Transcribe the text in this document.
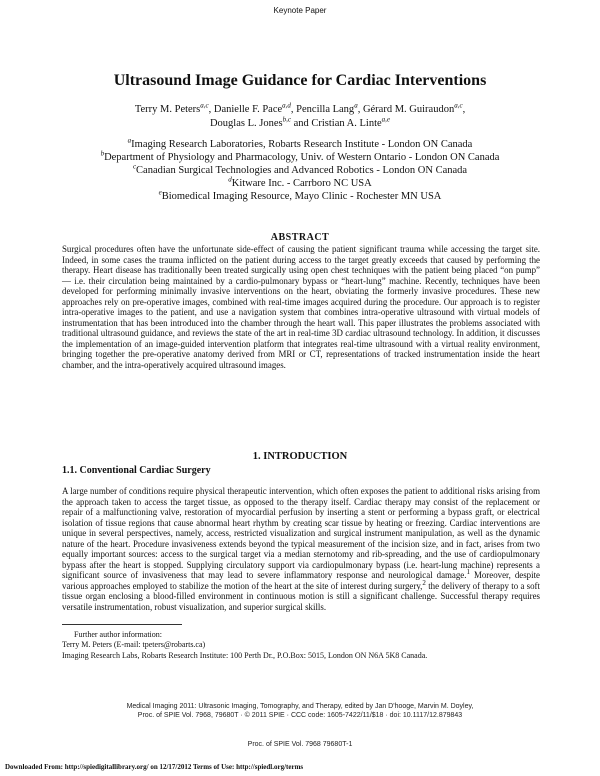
Keynote Paper
Ultrasound Image Guidance for Cardiac Interventions
Terry M. Peters$^{a,c}$, Danielle F. Pace$^{a,d}$, Pencilla Lang$^a$, Gérard M. Guiraudon$^{a,c}$,
Douglas L. Jones$^{b,c}$ and Cristian A. Linte$^{a,e}$
$^a$Imaging Research Laboratories, Robarts Research Institute - London ON Canada
$^b$Department of Physiology and Pharmacology, Univ. of Western Ontario - London ON Canada
$^c$Canadian Surgical Technologies and Advanced Robotics - London ON Canada
$^d$Kitware Inc. - Carrboro NC USA
$^e$Biomedical Imaging Resource, Mayo Clinic - Rochester MN USA
ABSTRACT

Surgical procedures often have the unfortunate side-effect of causing the patient significant trauma while accessing the target site. Indeed, in some cases the trauma inflicted on the patient during access to the target greatly exceeds that caused by performing the therapy. Heart disease has traditionally been treated surgically using open chest techniques with the patient being placed “on pump” — i.e. their circulation being maintained by a cardio-pulmonary bypass or “heart-lung” machine. Recently, techniques have been developed for performing minimally invasive interventions on the heart, obviating the formerly invasive procedures. These new approaches rely on pre-operative images, combined with real-time images acquired during the procedure. Our approach is to register intra-operative images to the patient, and use a navigation system that combines intra-operative ultrasound with virtual models of instrumentation that has been introduced into the chamber through the heart wall. This paper illustrates the problems associated with traditional ultrasound guidance, and reviews the state of the art in real-time 3D cardiac ultrasound technology. In addition, it discusses the implementation of an image-guided intervention platform that integrates real-time ultrasound with a virtual reality environment, bringing together the pre-operative anatomy derived from MRI or CT, representations of tracked instrumentation inside the heart chamber, and the intra-operatively acquired ultrasound images.

1. INTRODUCTION
1.1. Conventional Cardiac Surgery

A large number of conditions require physical therapeutic intervention, which often exposes the patient to additional risks arising from the approach taken to access the target tissue, as opposed to the therapy itself. Cardiac therapy may consist of the replacement or repair of a malfunctioning valve, restoration of myocardial perfusion by inserting a stent or performing a bypass graft, or electrical isolation of tissue regions that cause abnormal heart rhythm by creating scar tissue by heating or freezing. Cardiac interventions are unique in several perspectives, namely, access, restricted visualization and surgical instrument manipulation, as well as the dynamic nature of the heart. Procedure invasiveness extends beyond the typical measurement of the incision size, and in fact, arises from two equally important sources: access to the surgical target via a median sternotomy and rib-spreading, and the use of cardiopulmonary bypass after the heart is stopped. Supplying circulatory support via cardiopulmonary bypass (i.e. heart-lung machine) represents a significant source of invasiveness that may lead to severe inflammatory response and neurological damage.$^1$ Moreover, despite various approaches employed to stabilize the motion of the heart at the site of interest during surgery,$^2$ the delivery of therapy to a soft tissue organ enclosing a blood-filled environment in continuous motion is still a significant challenge. Successful therapy requires versatile instrumentation, robust visualization, and superior surgical skills.

Further author information:
Terry M. Peters (E-mail: tpeters@robarts.ca)
Imaging Research Labs, Robarts Research Institute: 100 Perth Dr., P.O.Box: 5015, London ON N6A 5K8 Canada.
Medical Imaging 2011: Ultrasonic Imaging, Tomography, and Therapy, edited by Jan D'hooge, Marvin M. Doyley,
Proc. of SPIE Vol. 7968, 79680T · © 2011 SPIE · CCC code: 1605-7422/11/$18 · doi: 10.1117/12.879843
Proc. of SPIE Vol. 7968 79680T-1
Downloaded From: http://spiedigitallibrary.org/ on 12/17/2012 Terms of Use: http://spiedl.org/terms
